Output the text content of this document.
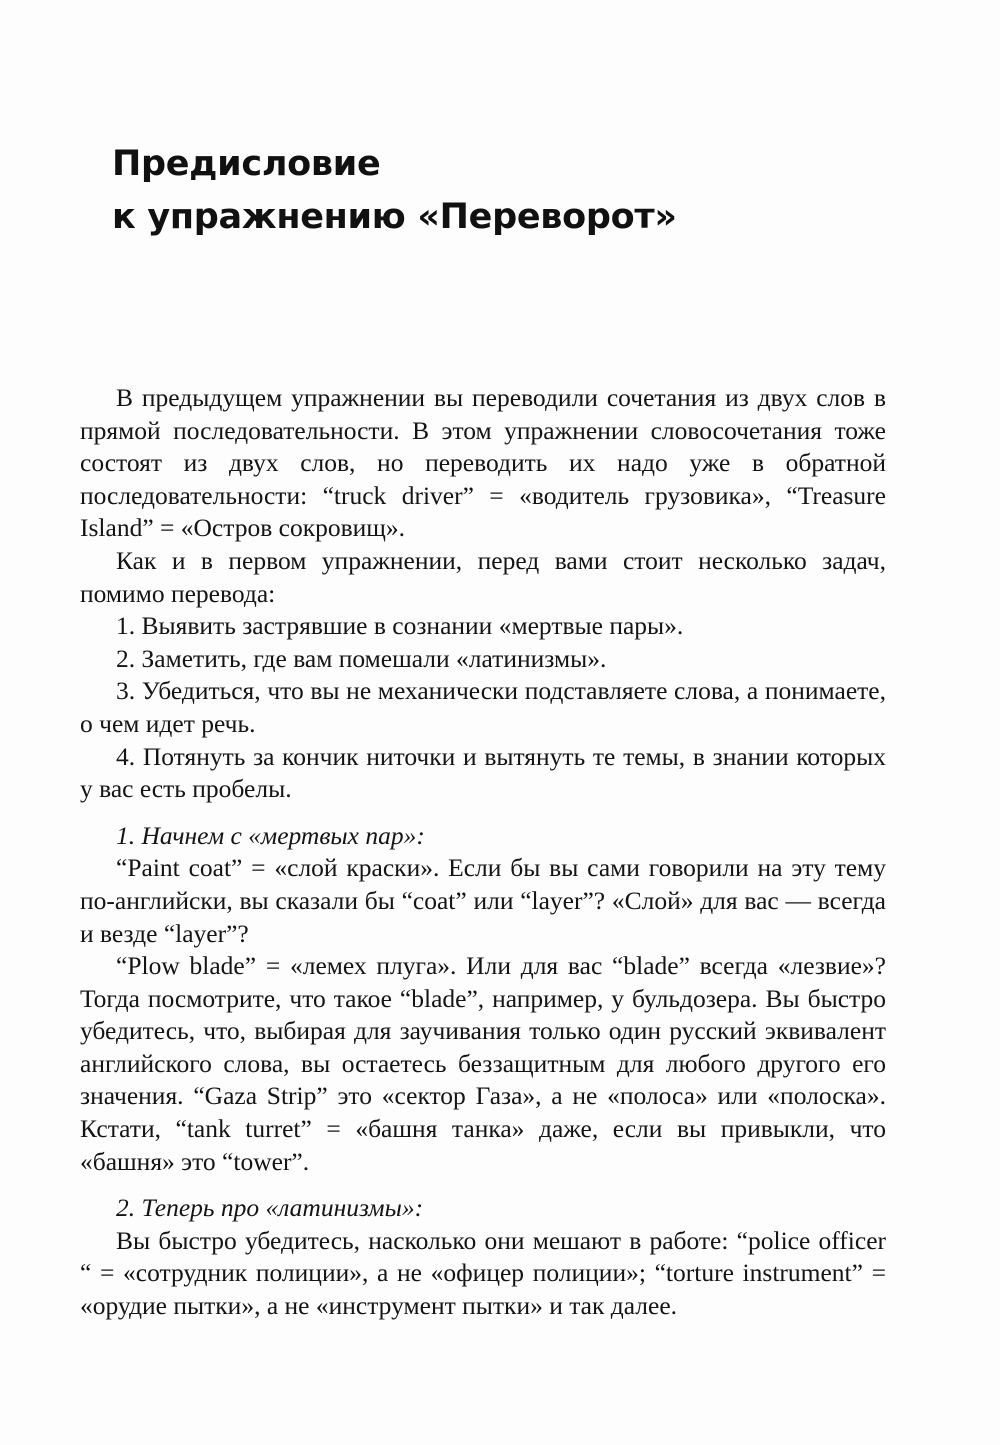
Предисловие
к упражнению «Переворот»

В предыдущем упражнении вы переводили сочетания из двух слов в прямой последовательности. В этом упражнении словосочетания тоже состоят из двух слов, но переводить их надо уже в обратной последовательности: “truck driver” = «водитель грузовика», “Treasure Island” = «Остров сокровищ».

Как и в первом упражнении, перед вами стоит несколько задач, помимо перевода:

1. Выявить застрявшие в сознании «мертвые пары».

2. Заметить, где вам помешали «латинизмы».

3. Убедиться, что вы не механически подставляете слова, а понимаете, о чем идет речь.

4. Потянуть за кончик ниточки и вытянуть те темы, в знании которых у вас есть пробелы.

1. Начнем с «мертвых пар»:

“Paint coat” = «слой краски». Если бы вы сами говорили на эту тему по-английски, вы сказали бы “coat” или “layer”? «Слой» для вас — всегда и везде “layer”?

“Plow blade” = «лемех плуга». Или для вас “blade” всегда «лезвие»? Тогда посмотрите, что такое “blade”, например, у бульдозера. Вы быстро убедитесь, что, выбирая для заучивания только один русский эквивалент английского слова, вы остаетесь беззащитным для любого другого его значения. “Gaza Strip” это «сектор Газа», а не «полоса» или «полоска». Кстати, “tank turret” = «башня танка» даже, если вы привыкли, что «башня» это “tower”.

2. Теперь про «латинизмы»:

Вы быстро убедитесь, насколько они мешают в работе: “police officer “ = «сотрудник полиции», а не «офицер полиции»; “torture instrument” = «орудие пытки», а не «инструмент пытки» и так далее.
